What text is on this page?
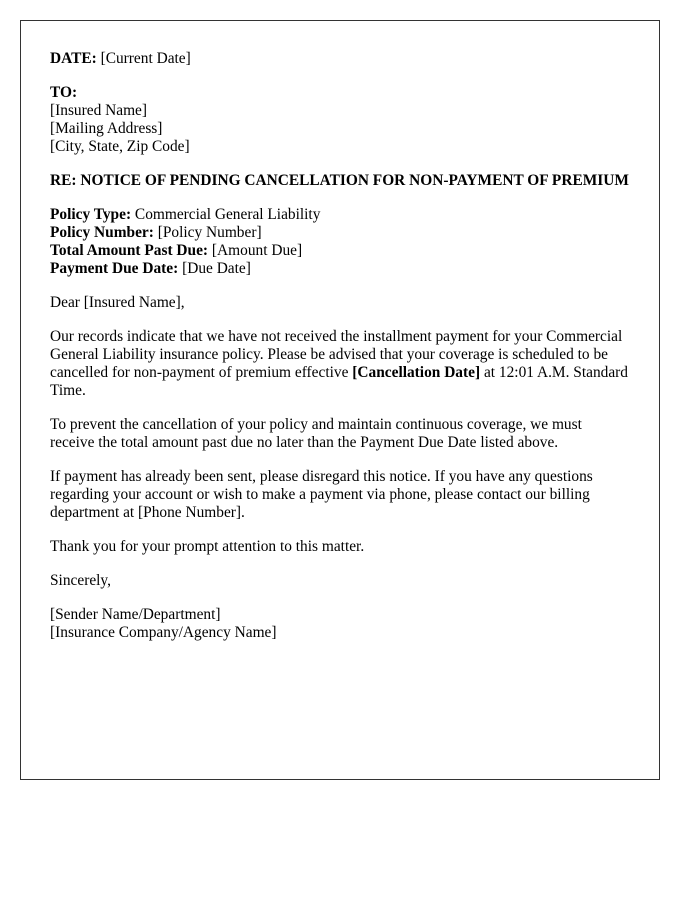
DATE: [Current Date]
TO:
[Insured Name]
[Mailing Address]
[City, State, Zip Code]
RE: NOTICE OF PENDING CANCELLATION FOR NON-PAYMENT OF PREMIUM
Policy Type: Commercial General Liability
Policy Number: [Policy Number]
Total Amount Past Due: [Amount Due]
Payment Due Date: [Due Date]

Dear [Insured Name],

Our records indicate that we have not received the installment payment for your Commercial General Liability insurance policy. Please be advised that your coverage is scheduled to be cancelled for non-payment of premium effective [Cancellation Date] at 12:01 A.M. Standard Time.

To prevent the cancellation of your policy and maintain continuous coverage, we must receive the total amount past due no later than the Payment Due Date listed above.

If payment has already been sent, please disregard this notice. If you have any questions regarding your account or wish to make a payment via phone, please contact our billing department at [Phone Number].

Thank you for your prompt attention to this matter.

Sincerely,

[Sender Name/Department]
[Insurance Company/Agency Name]
